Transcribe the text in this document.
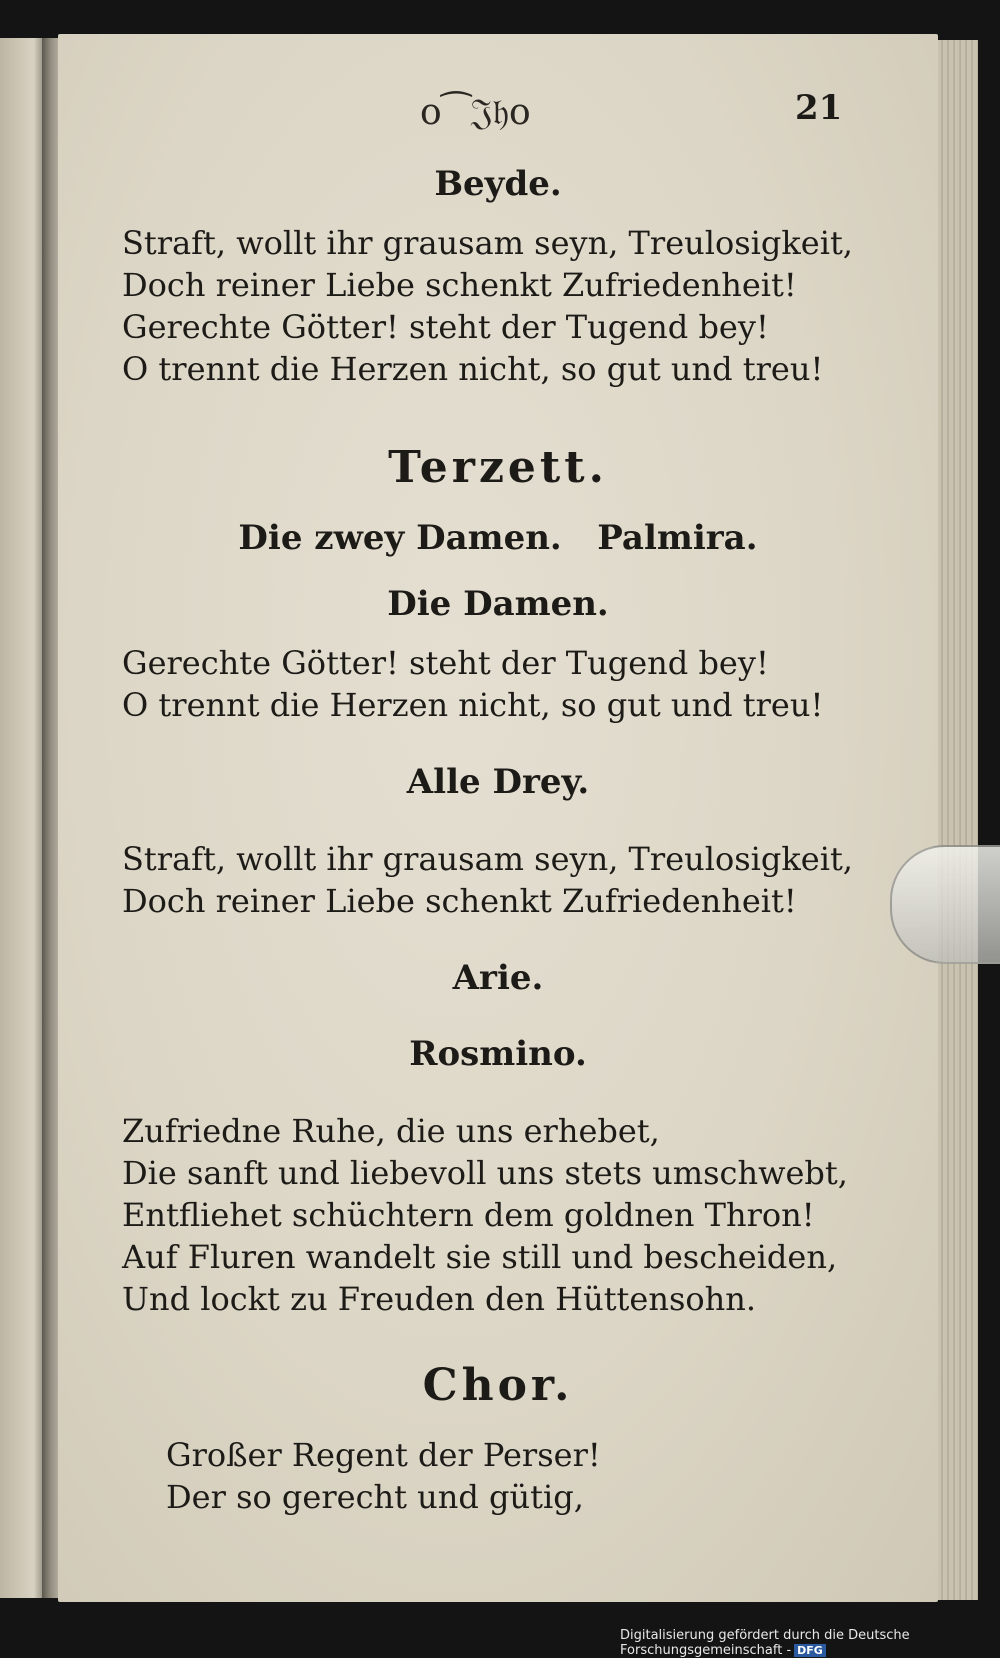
o⁀𝔍𝔥o	21
Beyde.
Straft, wollt ihr grausam seyn, Treulosigkeit,
Doch reiner Liebe schenkt Zufriedenheit!
Gerechte Götter! steht der Tugend bey!
O trennt die Herzen nicht, so gut und treu!
Terzett.
Die zwey Damen.   Palmira.
Die Damen.
Gerechte Götter! steht der Tugend bey!
O trennt die Herzen nicht, so gut und treu!
Alle Drey.
Straft, wollt ihr grausam seyn, Treulosigkeit,
Doch reiner Liebe schenkt Zufriedenheit!
Arie.
Rosmino.
Zufriedne Ruhe, die uns erhebet,
Die sanft und liebevoll uns stets umschwebt,
Entfliehet schüchtern dem goldnen Thron!
Auf Fluren wandelt sie still und bescheiden,
Und lockt zu Freuden den Hüttensohn.
Chor.
Großer Regent der Perser!
Der so gerecht und gütig,
Digitalisierung gefördert durch die Deutsche Forschungsgemeinschaft - DFG
